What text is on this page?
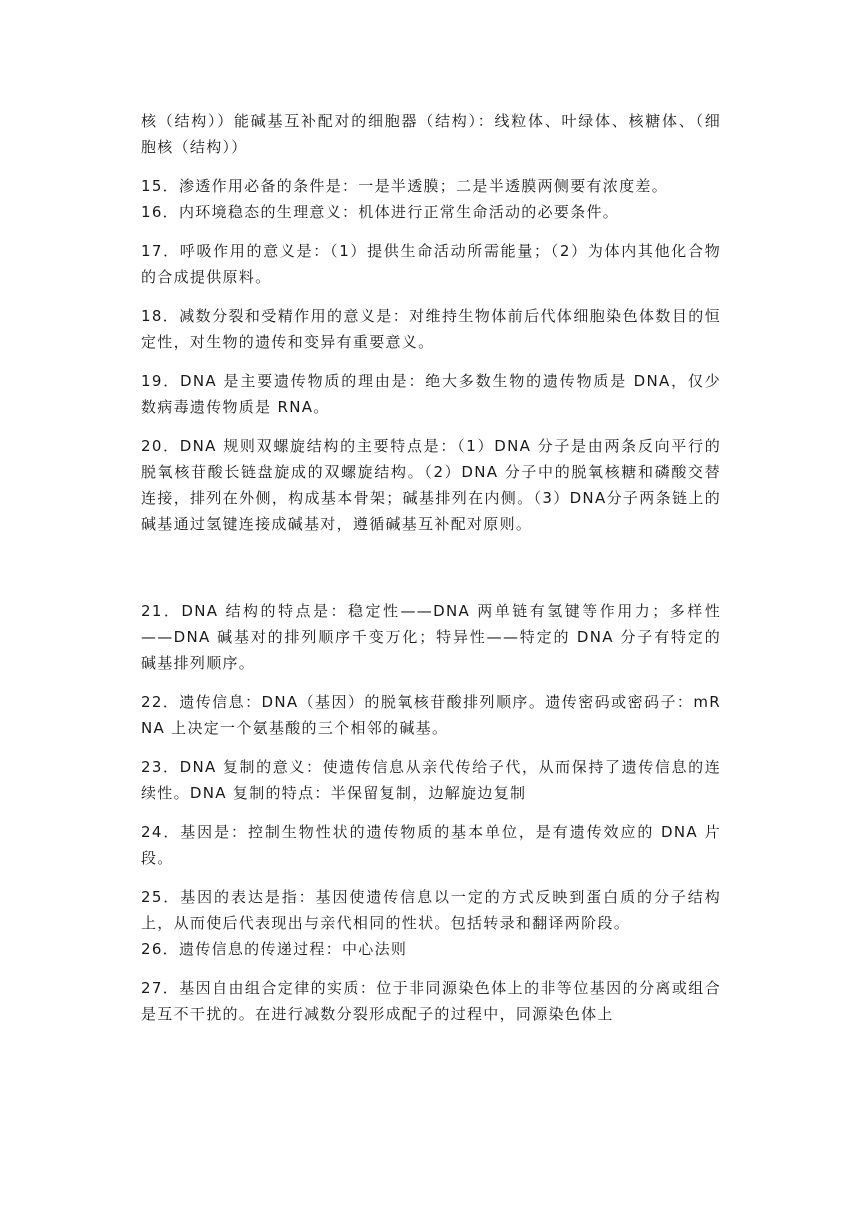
核（结构））能碱基互补配对的细胞器（结构）：线粒体、叶绿体、核糖体、（细胞核（结构））

15．渗透作用必备的条件是：一是半透膜；二是半透膜两侧要有浓度差。

16．内环境稳态的生理意义：机体进行正常生命活动的必要条件。

17．呼吸作用的意义是：（1）提供生命活动所需能量；（2）为体内其他化合物的合成提供原料。

18．减数分裂和受精作用的意义是：对维持生物体前后代体细胞染色体数目的恒定性，对生物的遗传和变异有重要意义。

19．DNA 是主要遗传物质的理由是：绝大多数生物的遗传物质是 DNA，仅少数病毒遗传物质是 RNA。

20．DNA 规则双螺旋结构的主要特点是：（1）DNA 分子是由两条反向平行的脱氧核苷酸长链盘旋成的双螺旋结构。（2）DNA 分子中的脱氧核糖和磷酸交替连接，排列在外侧，构成基本骨架；碱基排列在内侧。（3）DNA分子两条链上的碱基通过氢键连接成碱基对，遵循碱基互补配对原则。

21．DNA 结构的特点是：稳定性——DNA 两单链有氢键等作用力；多样性——DNA 碱基对的排列顺序千变万化；特异性——特定的 DNA 分子有特定的碱基排列顺序。

22．遗传信息：DNA（基因）的脱氧核苷酸排列顺序。遗传密码或密码子：mRNA 上决定一个氨基酸的三个相邻的碱基。

23．DNA 复制的意义：使遗传信息从亲代传给子代，从而保持了遗传信息的连续性。DNA 复制的特点：半保留复制，边解旋边复制

24．基因是：控制生物性状的遗传物质的基本单位，是有遗传效应的 DNA 片段。

25．基因的表达是指：基因使遗传信息以一定的方式反映到蛋白质的分子结构上，从而使后代表现出与亲代相同的性状。包括转录和翻译两阶段。

26．遗传信息的传递过程：中心法则

27．基因自由组合定律的实质：位于非同源染色体上的非等位基因的分离或组合是互不干扰的。在进行减数分裂形成配子的过程中，同源染色体上
